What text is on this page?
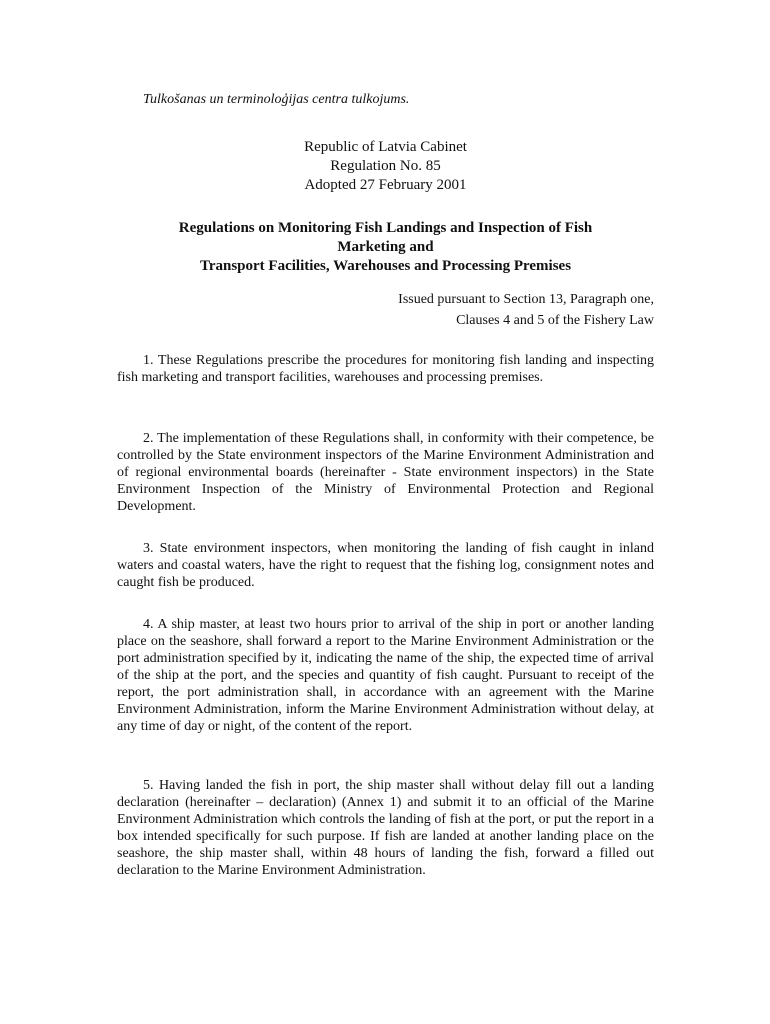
Tulkošanas un terminoloģijas centra tulkojums.

Republic of Latvia Cabinet
Regulation No. 85
Adopted 27 February 2001
Regulations on Monitoring Fish Landings and Inspection of Fish
Marketing and
Transport Facilities, Warehouses and Processing Premises
Issued pursuant to Section 13, Paragraph one,
Clauses 4 and 5 of the Fishery Law

1. These Regulations prescribe the procedures for monitoring fish landing and inspecting fish marketing and transport facilities, warehouses and processing premises.

2. The implementation of these Regulations shall, in conformity with their competence, be controlled by the State environment inspectors of the Marine Environment Administration and of regional environmental boards (hereinafter - State environment inspectors) in the State Environment Inspection of the Ministry of Environmental Protection and Regional Development.

3. State environment inspectors, when monitoring the landing of fish caught in inland waters and coastal waters, have the right to request that the fishing log, consignment notes and caught fish be produced.

4. A ship master, at least two hours prior to arrival of the ship in port or another landing place on the seashore, shall forward a report to the Marine Environment Administration or the port administration specified by it, indicating the name of the ship, the expected time of arrival of the ship at the port, and the species and quantity of fish caught. Pursuant to receipt of the report, the port administration shall, in accordance with an agreement with the Marine Environment Administration, inform the Marine Environment Administration without delay, at any time of day or night, of the content of the report.

5. Having landed the fish in port, the ship master shall without delay fill out a landing declaration (hereinafter – declaration) (Annex 1) and submit it to an official of the Marine Environment Administration which controls the landing of fish at the port, or put the report in a box intended specifically for such purpose. If fish are landed at another landing place on the seashore, the ship master shall, within 48 hours of landing the fish, forward a filled out declaration to the Marine Environment Administration.
